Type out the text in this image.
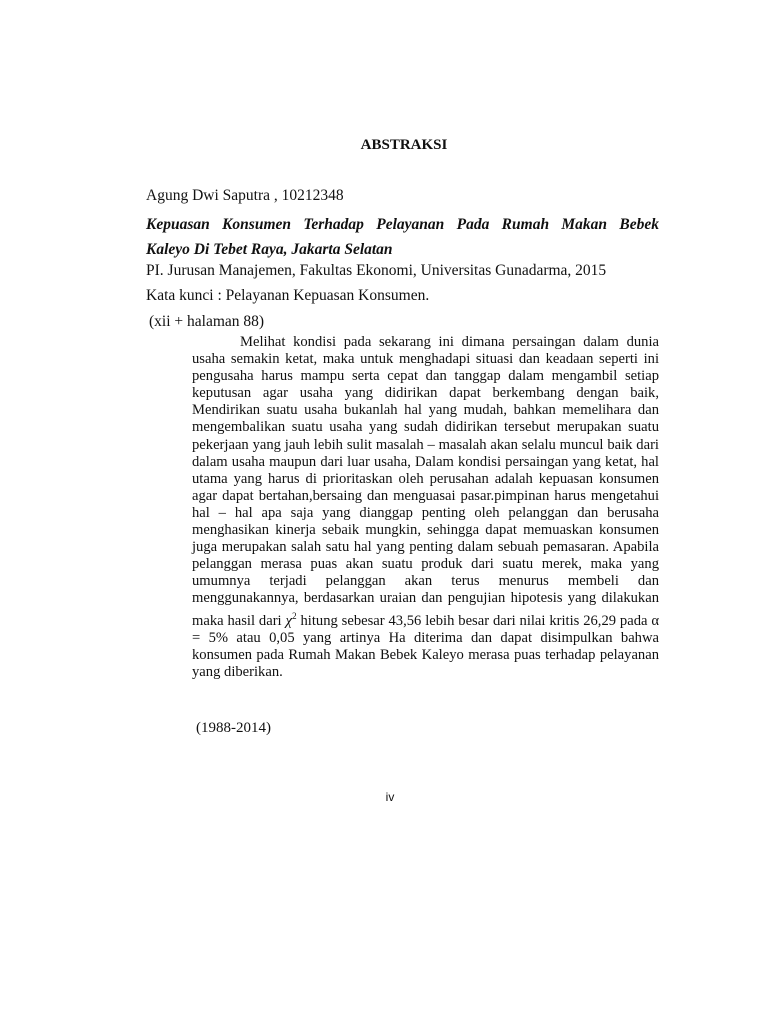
ABSTRAKSI
Agung Dwi Saputra , 10212348
Kepuasan Konsumen Terhadap Pelayanan Pada Rumah Makan Bebek
Kaleyo Di Tebet Raya, Jakarta Selatan
PI. Jurusan Manajemen, Fakultas Ekonomi, Universitas Gunadarma, 2015
Kata kunci : Pelayanan Kepuasan Konsumen.
(xii + halaman 88)

Melihat kondisi pada sekarang ini dimana persaingan dalam dunia usaha semakin ketat, maka untuk menghadapi situasi dan keadaan seperti ini pengusaha harus mampu serta cepat dan tanggap dalam mengambil setiap keputusan agar usaha yang didirikan dapat berkembang dengan baik, Mendirikan suatu usaha bukanlah hal yang mudah, bahkan memelihara dan mengembalikan suatu usaha yang sudah didirikan tersebut merupakan suatu pekerjaan yang jauh lebih sulit masalah – masalah akan selalu muncul baik dari dalam usaha maupun dari luar usaha, Dalam kondisi persaingan yang ketat, hal utama yang harus di prioritaskan oleh perusahan adalah kepuasan konsumen agar dapat bertahan,bersaing dan menguasai pasar.pimpinan harus mengetahui hal – hal apa saja yang dianggap penting oleh pelanggan dan berusaha menghasikan kinerja sebaik mungkin, sehingga dapat memuaskan konsumen juga merupakan salah satu hal yang penting dalam sebuah pemasaran. Apabila pelanggan merasa puas akan suatu produk dari suatu merek, maka yang umumnya terjadi pelanggan akan terus menurus membeli dan menggunakannya, berdasarkan uraian dan pengujian hipotesis yang dilakukan maka hasil dari $\chi^2$ hitung sebesar 43,56 lebih besar dari nilai kritis 26,29 pada α = 5% atau 0,05 yang artinya Ha diterima dan dapat disimpulkan bahwa konsumen pada Rumah Makan Bebek Kaleyo merasa puas terhadap pelayanan yang diberikan.

(1988-2014)
iv
